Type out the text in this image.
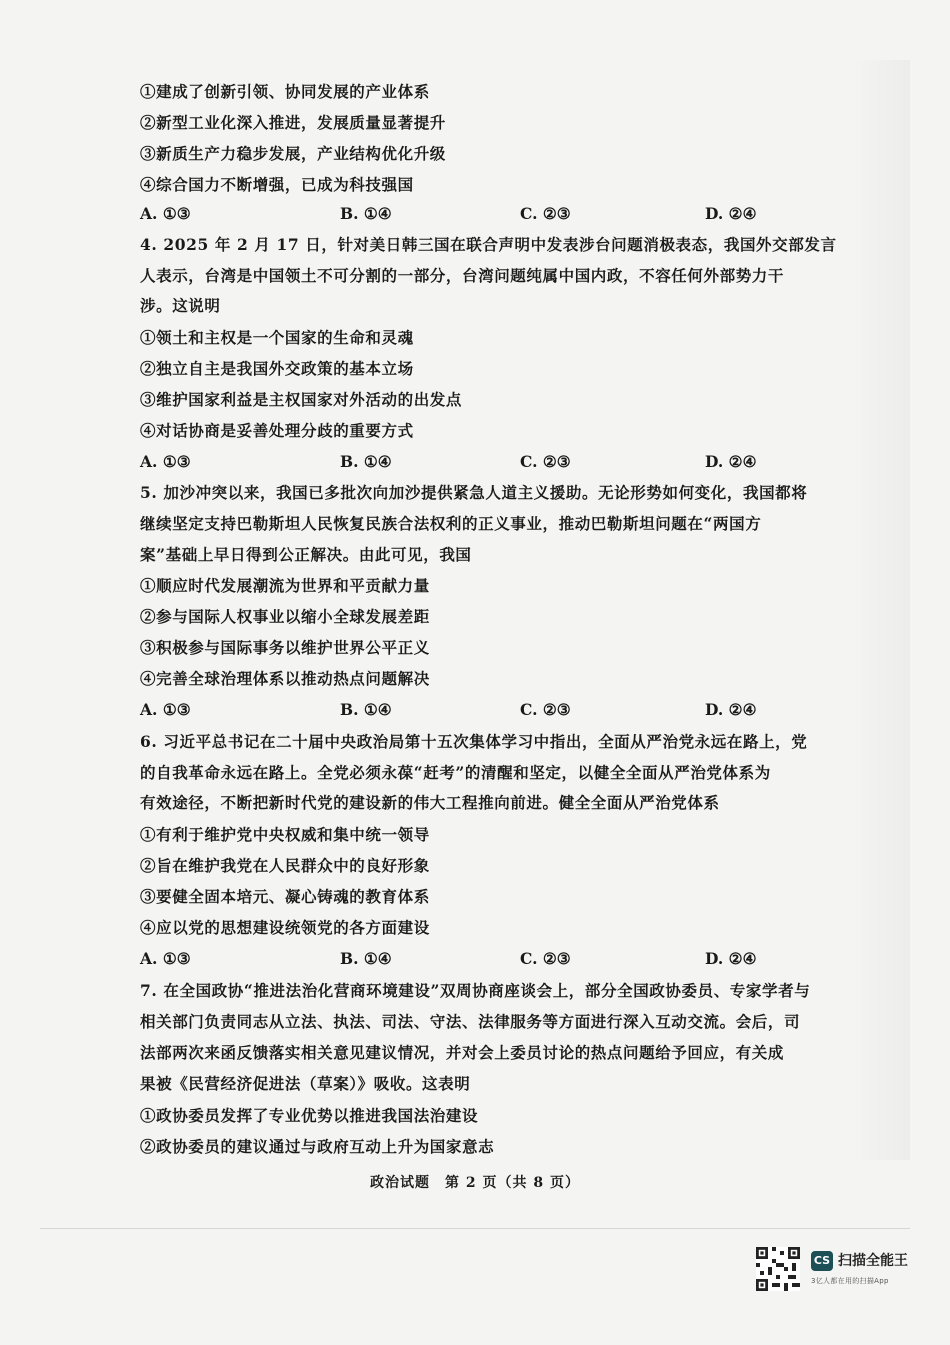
①建成了创新引领、协同发展的产业体系
②新型工业化深入推进，发展质量显著提升
③新质生产力稳步发展，产业结构优化升级
④综合国力不断增强，已成为科技强国
A. ①③	B. ①④	C. ②③	D. ②④
4. 2025 年 2 月 17 日，针对美日韩三国在联合声明中发表涉台问题消极表态，我国外交部发言
人表示，台湾是中国领土不可分割的一部分，台湾问题纯属中国内政，不容任何外部势力干
涉。这说明
①领土和主权是一个国家的生命和灵魂
②独立自主是我国外交政策的基本立场
③维护国家利益是主权国家对外活动的出发点
④对话协商是妥善处理分歧的重要方式
A. ①③	B. ①④	C. ②③	D. ②④
5. 加沙冲突以来，我国已多批次向加沙提供紧急人道主义援助。无论形势如何变化，我国都将
继续坚定支持巴勒斯坦人民恢复民族合法权利的正义事业，推动巴勒斯坦问题在“两国方
案”基础上早日得到公正解决。由此可见，我国
①顺应时代发展潮流为世界和平贡献力量
②参与国际人权事业以缩小全球发展差距
③积极参与国际事务以维护世界公平正义
④完善全球治理体系以推动热点问题解决
A. ①③	B. ①④	C. ②③	D. ②④
6. 习近平总书记在二十届中央政治局第十五次集体学习中指出，全面从严治党永远在路上，党
的自我革命永远在路上。全党必须永葆“赶考”的清醒和坚定，以健全全面从严治党体系为
有效途径，不断把新时代党的建设新的伟大工程推向前进。健全全面从严治党体系
①有利于维护党中央权威和集中统一领导
②旨在维护我党在人民群众中的良好形象
③要健全固本培元、凝心铸魂的教育体系
④应以党的思想建设统领党的各方面建设
A. ①③	B. ①④	C. ②③	D. ②④
7. 在全国政协“推进法治化营商环境建设”双周协商座谈会上，部分全国政协委员、专家学者与
相关部门负责同志从立法、执法、司法、守法、法律服务等方面进行深入互动交流。会后，司
法部两次来函反馈落实相关意见建议情况，并对会上委员讨论的热点问题给予回应，有关成
果被《民营经济促进法（草案）》吸收。这表明
①政协委员发挥了专业优势以推进我国法治建设
②政协委员的建议通过与政府互动上升为国家意志
政治试题　第 2 页（共 8 页）
CS 扫描全能王
3亿人都在用的扫描App
